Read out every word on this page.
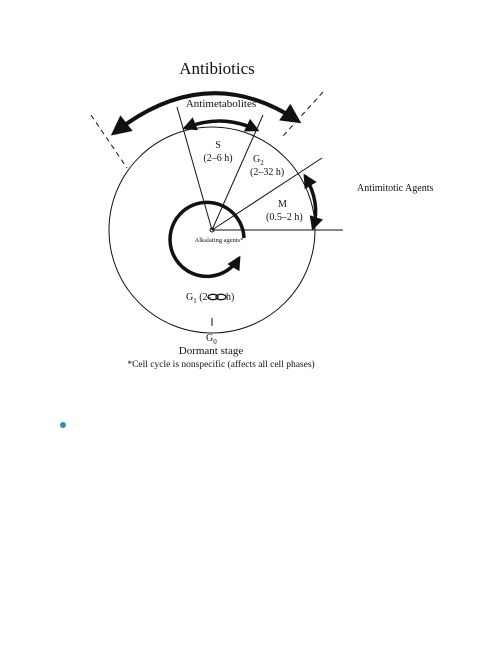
Antibiotics
Antimetabolites
Antimitotic Agents
S
(2–6 h) $G_2$
(2–32 h)
M
(0.5–2 h)
Alkalating agents*
$G_1$ (2- h)
$G_0$
Dormant stage
*Cell cycle is nonspecific (affects all cell phases)
